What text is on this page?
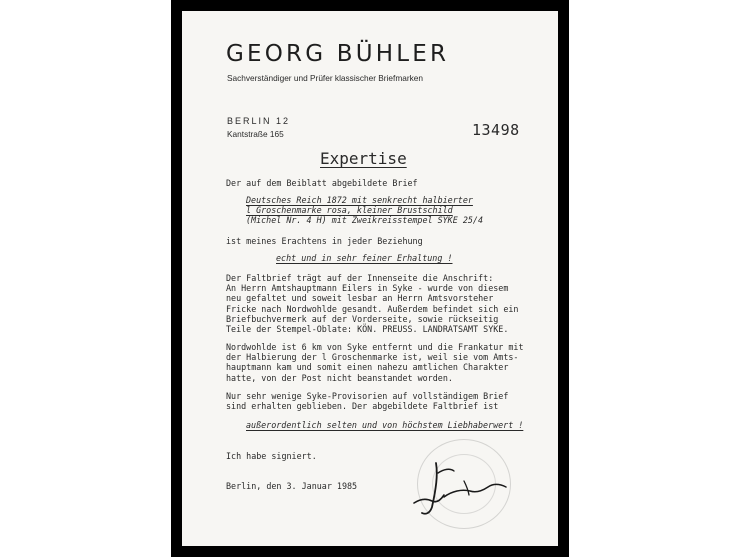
GEORG BÜHLER
Sachverständiger und Prüfer klassischer Briefmarken
BERLIN 12
Kantstraße 165	13498
Expertise
Der auf dem Beiblatt abgebildete Brief
Deutsches Reich 1872 mit senkrecht halbierter
l Groschenmarke rosa, kleiner Brustschild
(Michel Nr. 4 H) mit Zweikreisstempel SYKE 25/4
ist meines Erachtens in jeder Beziehung
echt und in sehr feiner Erhaltung !
Der Faltbrief trägt auf der Innenseite die Anschrift:
An Herrn Amtshauptmann Eilers in Syke - wurde von diesem
neu gefaltet und soweit lesbar an Herrn Amtsvorsteher
Fricke nach Nordwohlde gesandt. Außerdem befindet sich ein
Briefbuchvermerk auf der Vorderseite, sowie rückseitig
Teile der Stempel-Oblate: KÖN. PREUSS. LANDRATSAMT SYKE.
Nordwohlde ist 6 km von Syke entfernt und die Frankatur mit
der Halbierung der l Groschenmarke ist, weil sie vom Amts-
hauptmann kam und somit einen nahezu amtlichen Charakter
hatte, von der Post nicht beanstandet worden.
Nur sehr wenige Syke-Provisorien auf vollständigem Brief
sind erhalten geblieben. Der abgebildete Faltbrief ist
außerordentlich selten und von höchstem Liebhaberwert !
Ich habe signiert.
Berlin, den 3. Januar 1985
